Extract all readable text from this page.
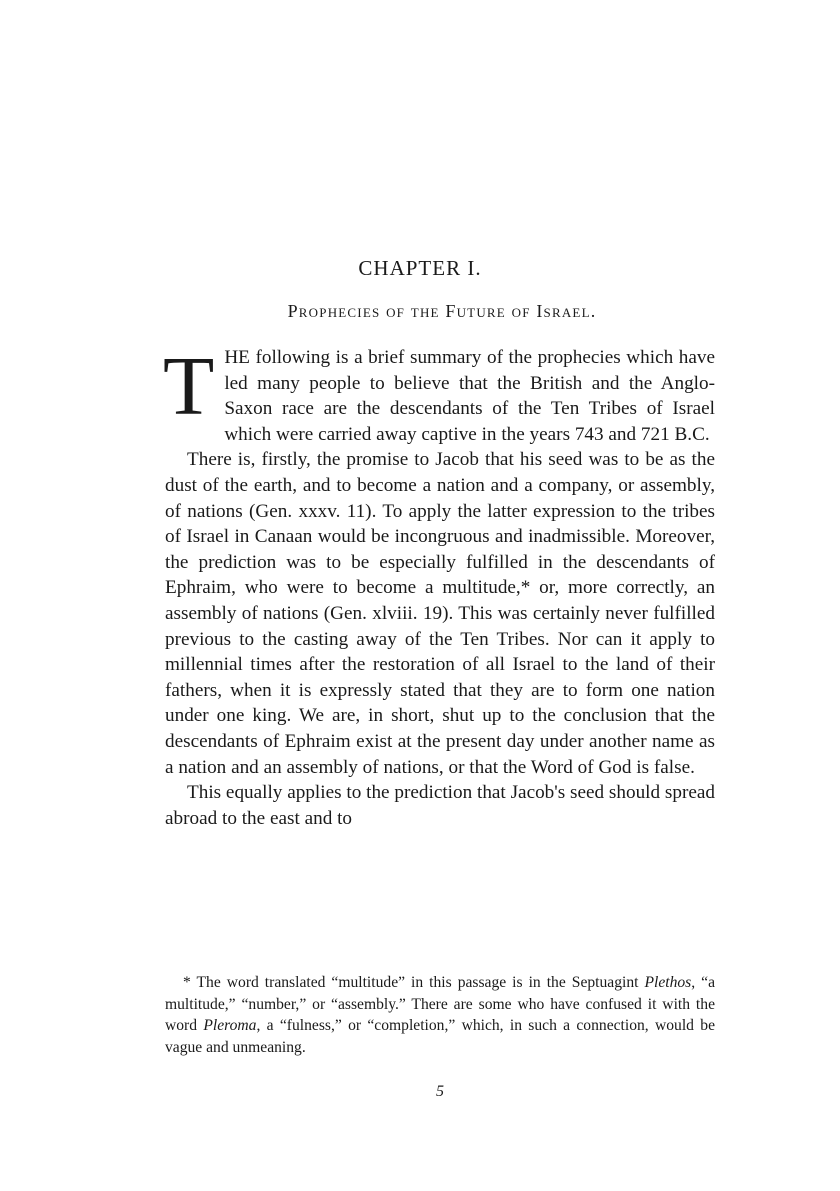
CHAPTER I.
Prophecies of the Future of Israel.

THE following is a brief summary of the prophecies which have led many people to believe that the British and the Anglo-Saxon race are the descendants of the Ten Tribes of Israel which were carried away captive in the years 743 and 721 B.C.

There is, firstly, the promise to Jacob that his seed was to be as the dust of the earth, and to become a nation and a company, or assembly, of nations (Gen. xxxv. 11). To apply the latter expression to the tribes of Israel in Canaan would be incongruous and inadmissible. Moreover, the prediction was to be especially fulfilled in the descendants of Ephraim, who were to become a multitude,* or, more correctly, an assembly of nations (Gen. xlviii. 19). This was certainly never fulfilled previous to the casting away of the Ten Tribes. Nor can it apply to millennial times after the restoration of all Israel to the land of their fathers, when it is expressly stated that they are to form one nation under one king. We are, in short, shut up to the conclusion that the descendants of Ephraim exist at the present day under another name as a nation and an assembly of nations, or that the Word of God is false.

This equally applies to the prediction that Jacob's seed should spread abroad to the east and to

* The word translated “multitude” in this passage is in the Septuagint Plethos, “a multitude,” “number,” or “assembly.” There are some who have confused it with the word Pleroma, a “fulness,” or “completion,” which, in such a connection, would be vague and unmeaning.

5
